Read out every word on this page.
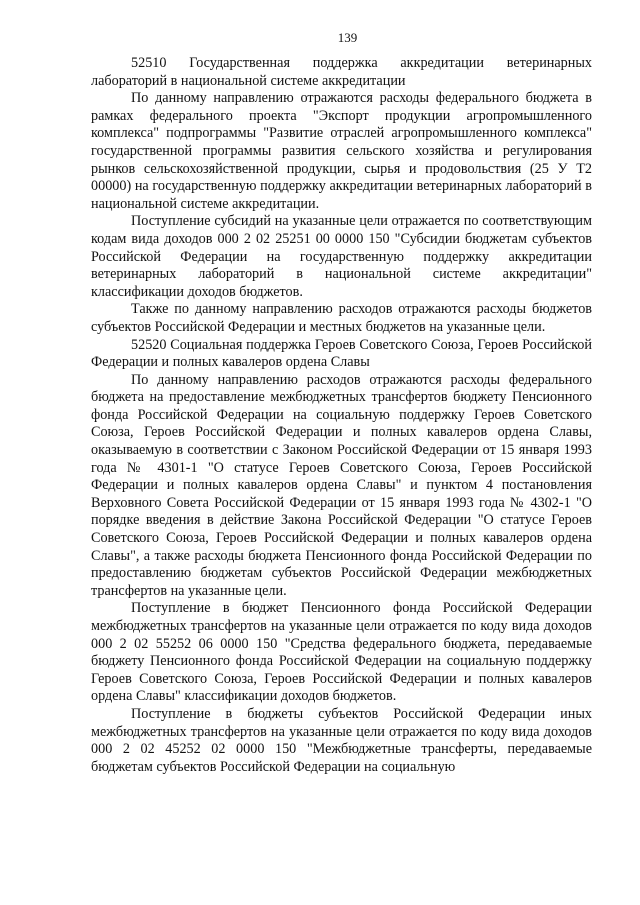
139

52510 Государственная поддержка аккредитации ветеринарных лабораторий в национальной системе аккредитации

По данному направлению отражаются расходы федерального бюджета в рамках федерального проекта "Экспорт продукции агропромышленного комплекса" подпрограммы "Развитие отраслей агропромышленного комплекса" государственной программы развития сельского хозяйства и регулирования рынков сельскохозяйственной продукции, сырья и продовольствия (25 У Т2 00000) на государственную поддержку аккредитации ветеринарных лабораторий в национальной системе аккредитации.

Поступление субсидий на указанные цели отражается по соответствующим кодам вида доходов 000 2 02 25251 00 0000 150 "Субсидии бюджетам субъектов Российской Федерации на государственную поддержку аккредитации ветеринарных лабораторий в национальной системе аккредитации" классификации доходов бюджетов.

Также по данному направлению расходов отражаются расходы бюджетов субъектов Российской Федерации и местных бюджетов на указанные цели.

52520 Социальная поддержка Героев Советского Союза, Героев Российской Федерации и полных кавалеров ордена Славы

По данному направлению расходов отражаются расходы федерального бюджета на предоставление межбюджетных трансфертов бюджету Пенсионного фонда Российской Федерации на социальную поддержку Героев Советского Союза, Героев Российской Федерации и полных кавалеров ордена Славы, оказываемую в соответствии с Законом Российской Федерации от 15 января 1993 года № 4301-1 "О статусе Героев Советского Союза, Героев Российской Федерации и полных кавалеров ордена Славы" и пунктом 4 постановления Верховного Совета Российской Федерации от 15 января 1993 года № 4302-1 "О порядке введения в действие Закона Российской Федерации "О статусе Героев Советского Союза, Героев Российской Федерации и полных кавалеров ордена Славы", а также расходы бюджета Пенсионного фонда Российской Федерации по предоставлению бюджетам субъектов Российской Федерации межбюджетных трансфертов на указанные цели.

Поступление в бюджет Пенсионного фонда Российской Федерации межбюджетных трансфертов на указанные цели отражается по коду вида доходов 000 2 02 55252 06 0000 150 "Средства федерального бюджета, передаваемые бюджету Пенсионного фонда Российской Федерации на социальную поддержку Героев Советского Союза, Героев Российской Федерации и полных кавалеров ордена Славы" классификации доходов бюджетов.

Поступление в бюджеты субъектов Российской Федерации иных межбюджетных трансфертов на указанные цели отражается по коду вида доходов 000 2 02 45252 02 0000 150 "Межбюджетные трансферты, передаваемые бюджетам субъектов Российской Федерации на социальную
